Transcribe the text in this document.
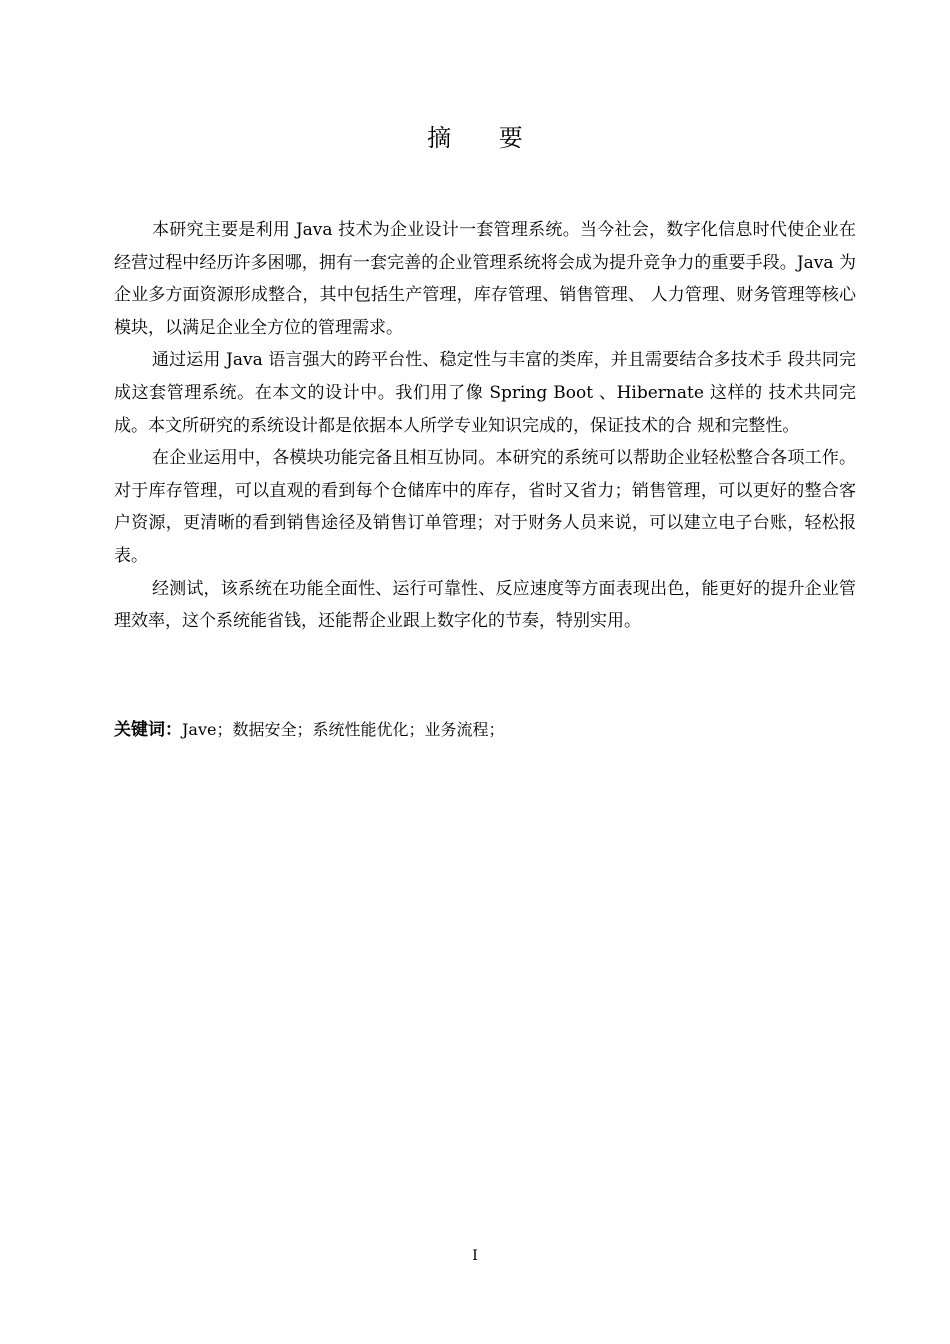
摘 要

本研究主要是利用 Java 技术为企业设计一套管理系统。当今社会，数字化信息时代使企业在经营过程中经历许多困哪，拥有一套完善的企业管理系统将会成为提升竞争力的重要手段。Java 为企业多方面资源形成整合，其中包括生产管理，库存管理、销售管理、 人力管理、财务管理等核心模块，以满足企业全方位的管理需求。

通过运用 Java 语言强大的跨平台性、稳定性与丰富的类库，并且需要结合多技术手 段共同完成这套管理系统。在本文的设计中。我们用了像 Spring Boot 、Hibernate 这样的 技术共同完成。本文所研究的系统设计都是依据本人所学专业知识完成的，保证技术的合 规和完整性。

在企业运用中，各模块功能完备且相互协同。本研究的系统可以帮助企业轻松整合各项工作。对于库存管理，可以直观的看到每个仓储库中的库存，省时又省力；销售管理，可以更好的整合客户资源，更清晰的看到销售途径及销售订单管理；对于财务人员来说，可以建立电子台账，轻松报表。

经测试，该系统在功能全面性、运行可靠性、反应速度等方面表现出色，能更好的提升企业管理效率，这个系统能省钱，还能帮企业跟上数字化的节奏，特别实用。

关键词：Jave；数据安全；系统性能优化；业务流程；
I
